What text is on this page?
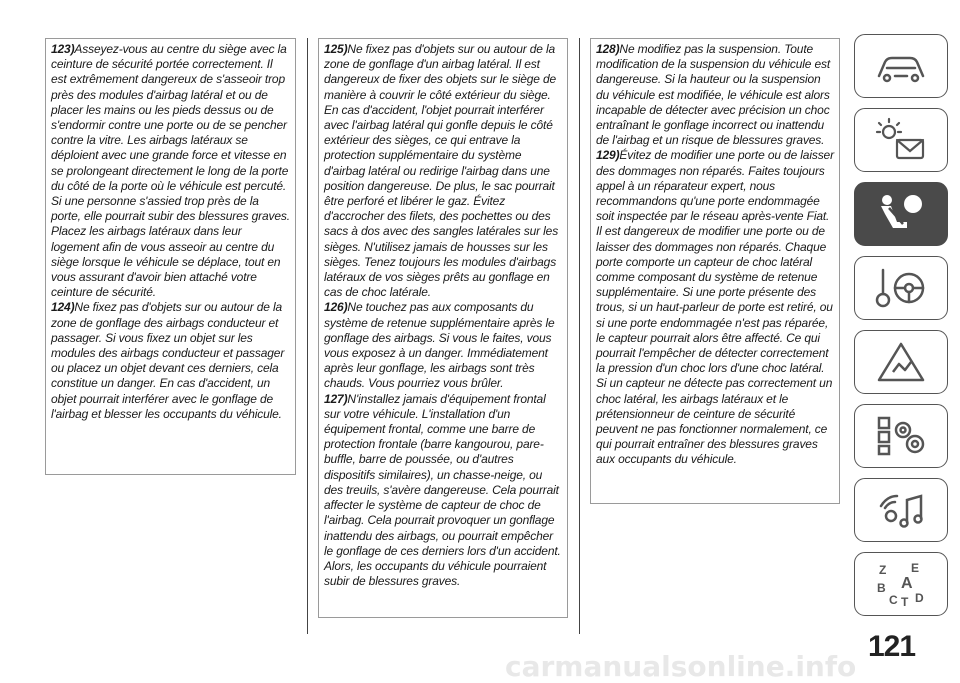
123)Asseyez-vous au centre du siège avec la ceinture de sécurité portée correctement. Il est extrêmement dangereux de s'asseoir trop près des modules d'airbag latéral et ou de placer les mains ou les pieds dessus ou de s'endormir contre une porte ou de se pencher contre la vitre. Les airbags latéraux se déploient avec une grande force et vitesse en se prolongeant directement le long de la porte du côté de la porte où le véhicule est percuté. Si une personne s'assied trop près de la porte, elle pourrait subir des blessures graves. Placez les airbags latéraux dans leur logement afin de vous asseoir au centre du siège lorsque le véhicule se déplace, tout en vous assurant d'avoir bien attaché votre ceinture de sécurité.

124)Ne fixez pas d'objets sur ou autour de la zone de gonflage des airbags conducteur et passager. Si vous fixez un objet sur les modules des airbags conducteur et passager ou placez un objet devant ces derniers, cela constitue un danger. En cas d'accident, un objet pourrait interférer avec le gonflage de l'airbag et blesser les occupants du véhicule.

125)Ne fixez pas d'objets sur ou autour de la zone de gonflage d'un airbag latéral. Il est dangereux de fixer des objets sur le siège de manière à couvrir le côté extérieur du siège. En cas d'accident, l'objet pourrait interférer avec l'airbag latéral qui gonfle depuis le côté extérieur des sièges, ce qui entrave la protection supplémentaire du système d'airbag latéral ou redirige l'airbag dans une position dangereuse. De plus, le sac pourrait être perforé et libérer le gaz. Évitez d'accrocher des filets, des pochettes ou des sacs à dos avec des sangles latérales sur les sièges. N'utilisez jamais de housses sur les sièges. Tenez toujours les modules d'airbags latéraux de vos sièges prêts au gonflage en cas de choc latérale.

126)Ne touchez pas aux composants du système de retenue supplémentaire après le gonflage des airbags. Si vous le faites, vous vous exposez à un danger. Immédiatement après leur gonflage, les airbags sont très chauds. Vous pourriez vous brûler.

127)N'installez jamais d'équipement frontal sur votre véhicule. L'installation d'un équipement frontal, comme une barre de protection frontale (barre kangourou, pare-buffle, barre de poussée, ou d'autres dispositifs similaires), un chasse-neige, ou des treuils, s'avère dangereuse. Cela pourrait affecter le système de capteur de choc de l'airbag. Cela pourrait provoquer un gonflage inattendu des airbags, ou pourrait empêcher le gonflage de ces derniers lors d'un accident. Alors, les occupants du véhicule pourraient subir de blessures graves.

128)Ne modifiez pas la suspension. Toute modification de la suspension du véhicule est dangereuse. Si la hauteur ou la suspension du véhicule est modifiée, le véhicule est alors incapable de détecter avec précision un choc entraînant le gonflage incorrect ou inattendu de l'airbag et un risque de blessures graves.

129)Évitez de modifier une porte ou de laisser des dommages non réparés. Faites toujours appel à un réparateur expert, nous recommandons qu'une porte endommagée soit inspectée par le réseau après-vente Fiat. Il est dangereux de modifier une porte ou de laisser des dommages non réparés. Chaque porte comporte un capteur de choc latéral comme composant du système de retenue supplémentaire. Si une porte présente des trous, si un haut-parleur de porte est retiré, ou si une porte endommagée n'est pas réparée, le capteur pourrait alors être affecté. Ce qui pourrait l'empêcher de détecter correctement la pression d'un choc lors d'une choc latéral. Si un capteur ne détecte pas correctement un choc latéral, les airbags latéraux et le prétensionneur de ceinture de sécurité peuvent ne pas fonctionner normalement, ce qui pourrait entraîner des blessures graves aux occupants du véhicule.

Z E
B A
C T D
carmanualsonline.info
121
